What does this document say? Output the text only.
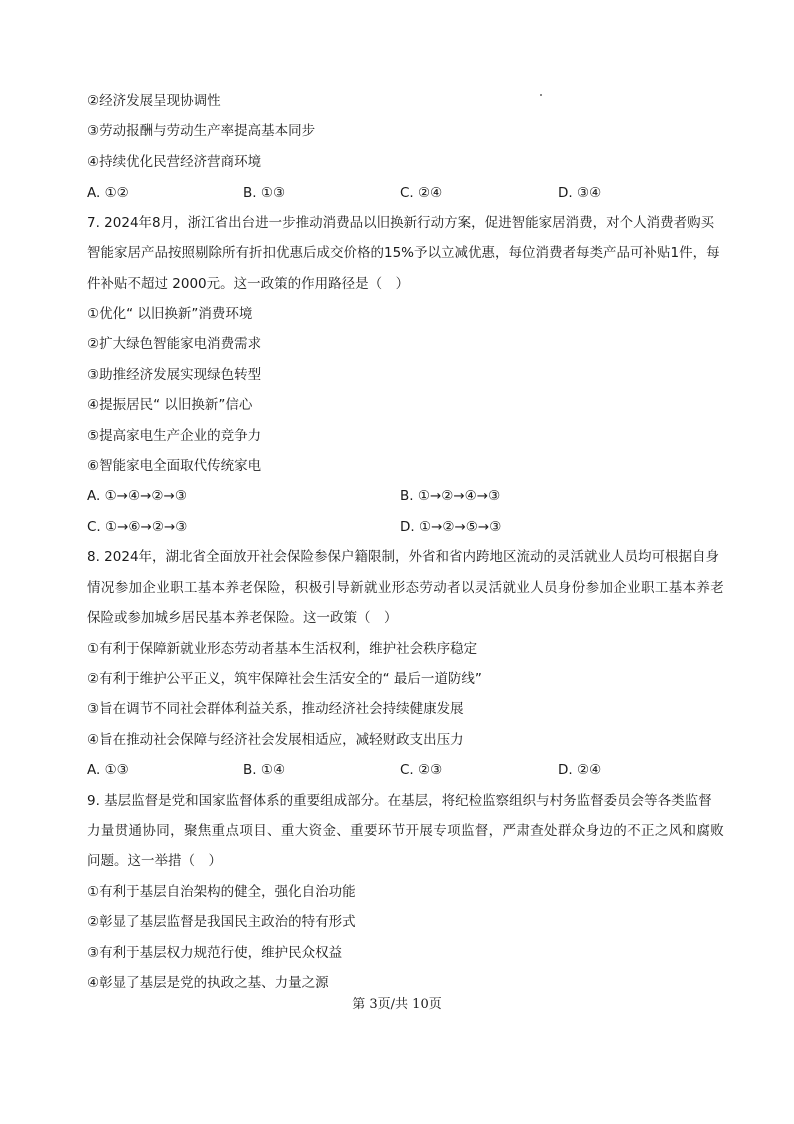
②经济发展呈现协调性
③劳动报酬与劳动生产率提高基本同步
④持续优化民营经济营商环境
A. ①②	B. ①③	C. ②④	D. ③④
7. 2024年8月，浙江省出台进一步推动消费品以旧换新行动方案，促进智能家居消费，对个人消费者购买
智能家居产品按照剔除所有折扣优惠后成交价格的15%予以立减优惠，每位消费者每类产品可补贴1件，每
件补贴不超过 2000元。这一政策的作用路径是（　）
①优化“ 以旧换新”消费环境
②扩大绿色智能家电消费需求
③助推经济发展实现绿色转型
④提振居民“ 以旧换新”信心
⑤提高家电生产企业的竞争力
⑥智能家电全面取代传统家电
A. ①→④→②→③	B. ①→②→④→③
C. ①→⑥→②→③	D. ①→②→⑤→③
8. 2024年，湖北省全面放开社会保险参保户籍限制，外省和省内跨地区流动的灵活就业人员均可根据自身
情况参加企业职工基本养老保险，积极引导新就业形态劳动者以灵活就业人员身份参加企业职工基本养老
保险或参加城乡居民基本养老保险。这一政策（　）
①有利于保障新就业形态劳动者基本生活权利，维护社会秩序稳定
②有利于维护公平正义，筑牢保障社会生活安全的“ 最后一道防线”
③旨在调节不同社会群体利益关系，推动经济社会持续健康发展
④旨在推动社会保障与经济社会发展相适应，减轻财政支出压力
A. ①③	B. ①④	C. ②③	D. ②④
9. 基层监督是党和国家监督体系的重要组成部分。在基层，将纪检监察组织与村务监督委员会等各类监督
力量贯通协同，聚焦重点项目、重大资金、重要环节开展专项监督，严肃查处群众身边的不正之风和腐败
问题。这一举措（　）
①有利于基层自治架构的健全，强化自治功能
②彰显了基层监督是我国民主政治的特有形式
③有利于基层权力规范行使，维护民众权益
④彰显了基层是党的执政之基、力量之源
第 3页/共 10页
